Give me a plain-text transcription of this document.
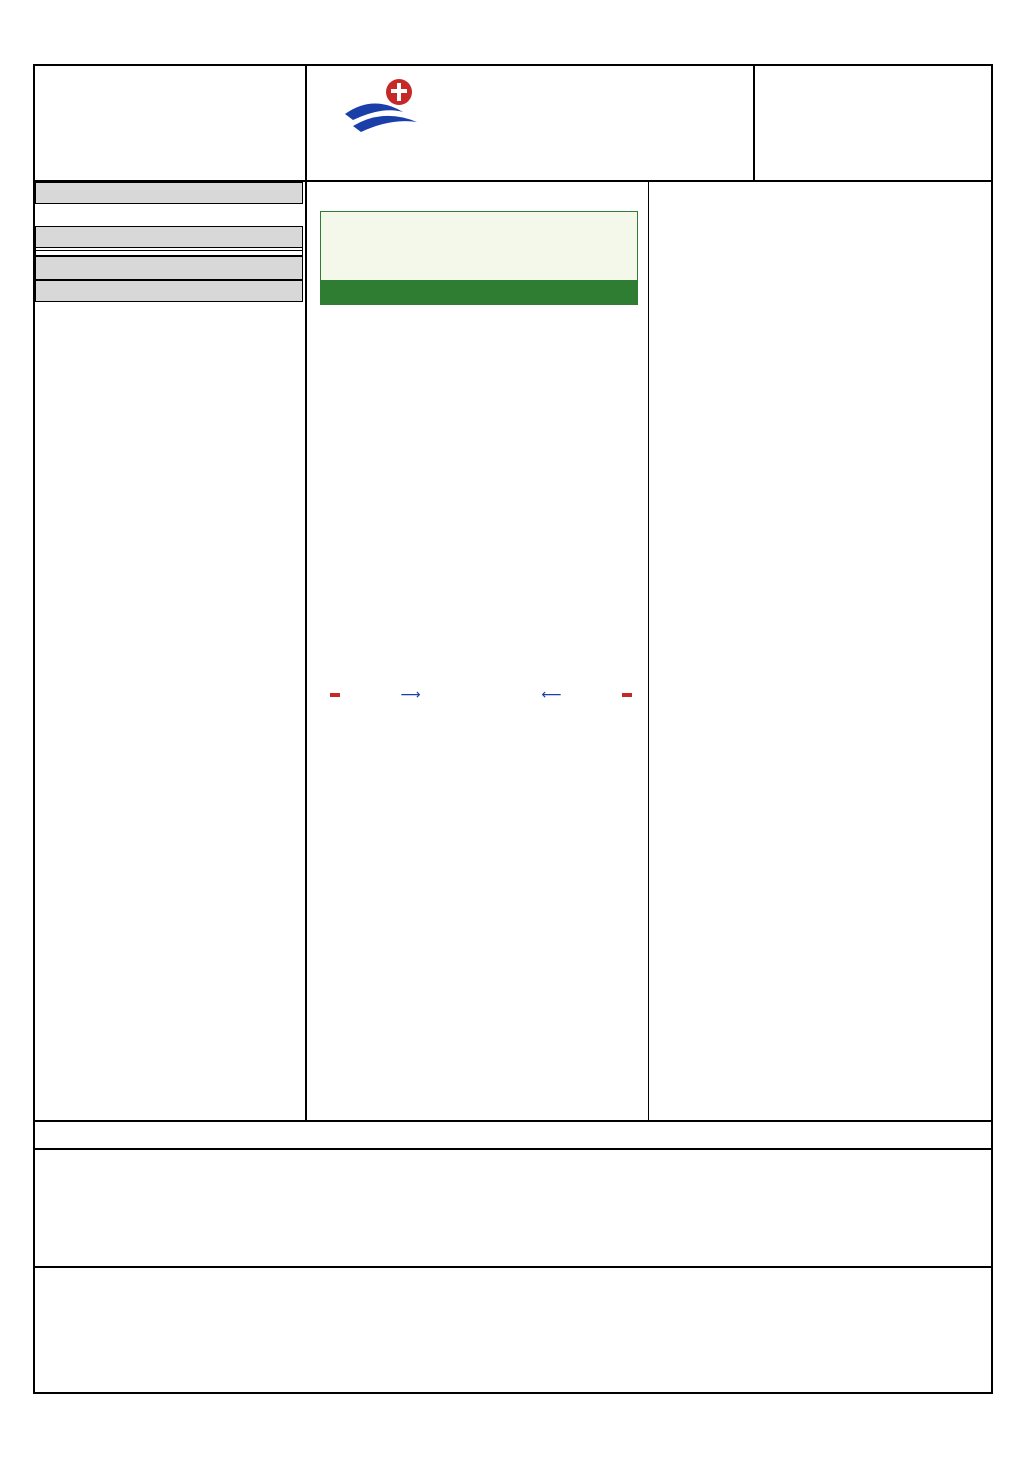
⟶	⟵
